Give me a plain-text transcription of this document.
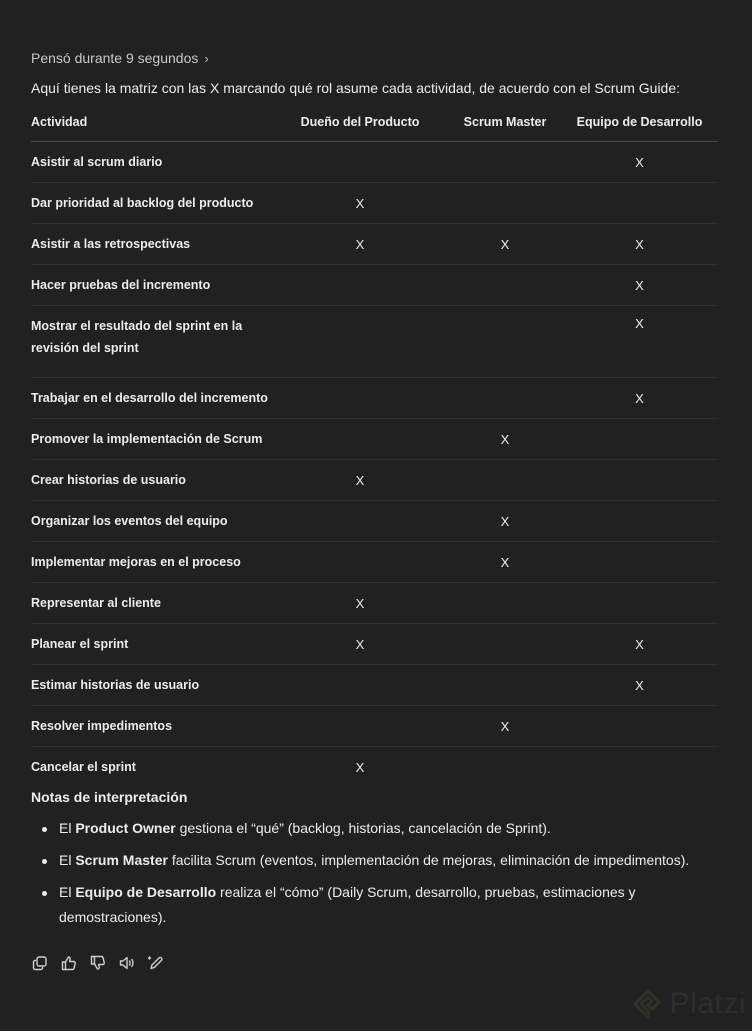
Pensó durante 9 segundos ›
Aquí tienes la matriz con las X marcando qué rol asume cada actividad, de acuerdo con el Scrum Guide:
Actividad	Dueño del Producto	Scrum Master	Equipo de Desarrollo
Asistir al scrum diario			X
Dar prioridad al backlog del producto	X		
Asistir a las retrospectivas	X	X	X
Hacer pruebas del incremento			X
Mostrar el resultado del sprint en la revisión del sprint			X
Trabajar en el desarrollo del incremento			X
Promover la implementación de Scrum		X	
Crear historias de usuario	X		
Organizar los eventos del equipo		X	
Implementar mejoras en el proceso		X	
Representar al cliente	X		
Planear el sprint	X		X
Estimar historias de usuario			X
Resolver impedimentos		X	
Cancelar el sprint	X		
Notas de interpretación
El Product Owner gestiona el “qué” (backlog, historias, cancelación de Sprint).
El Scrum Master facilita Scrum (eventos, implementación de mejoras, eliminación de impedimentos).
El Equipo de Desarrollo realiza el “cómo” (Daily Scrum, desarrollo, pruebas, estimaciones y demostraciones).
Platzi
